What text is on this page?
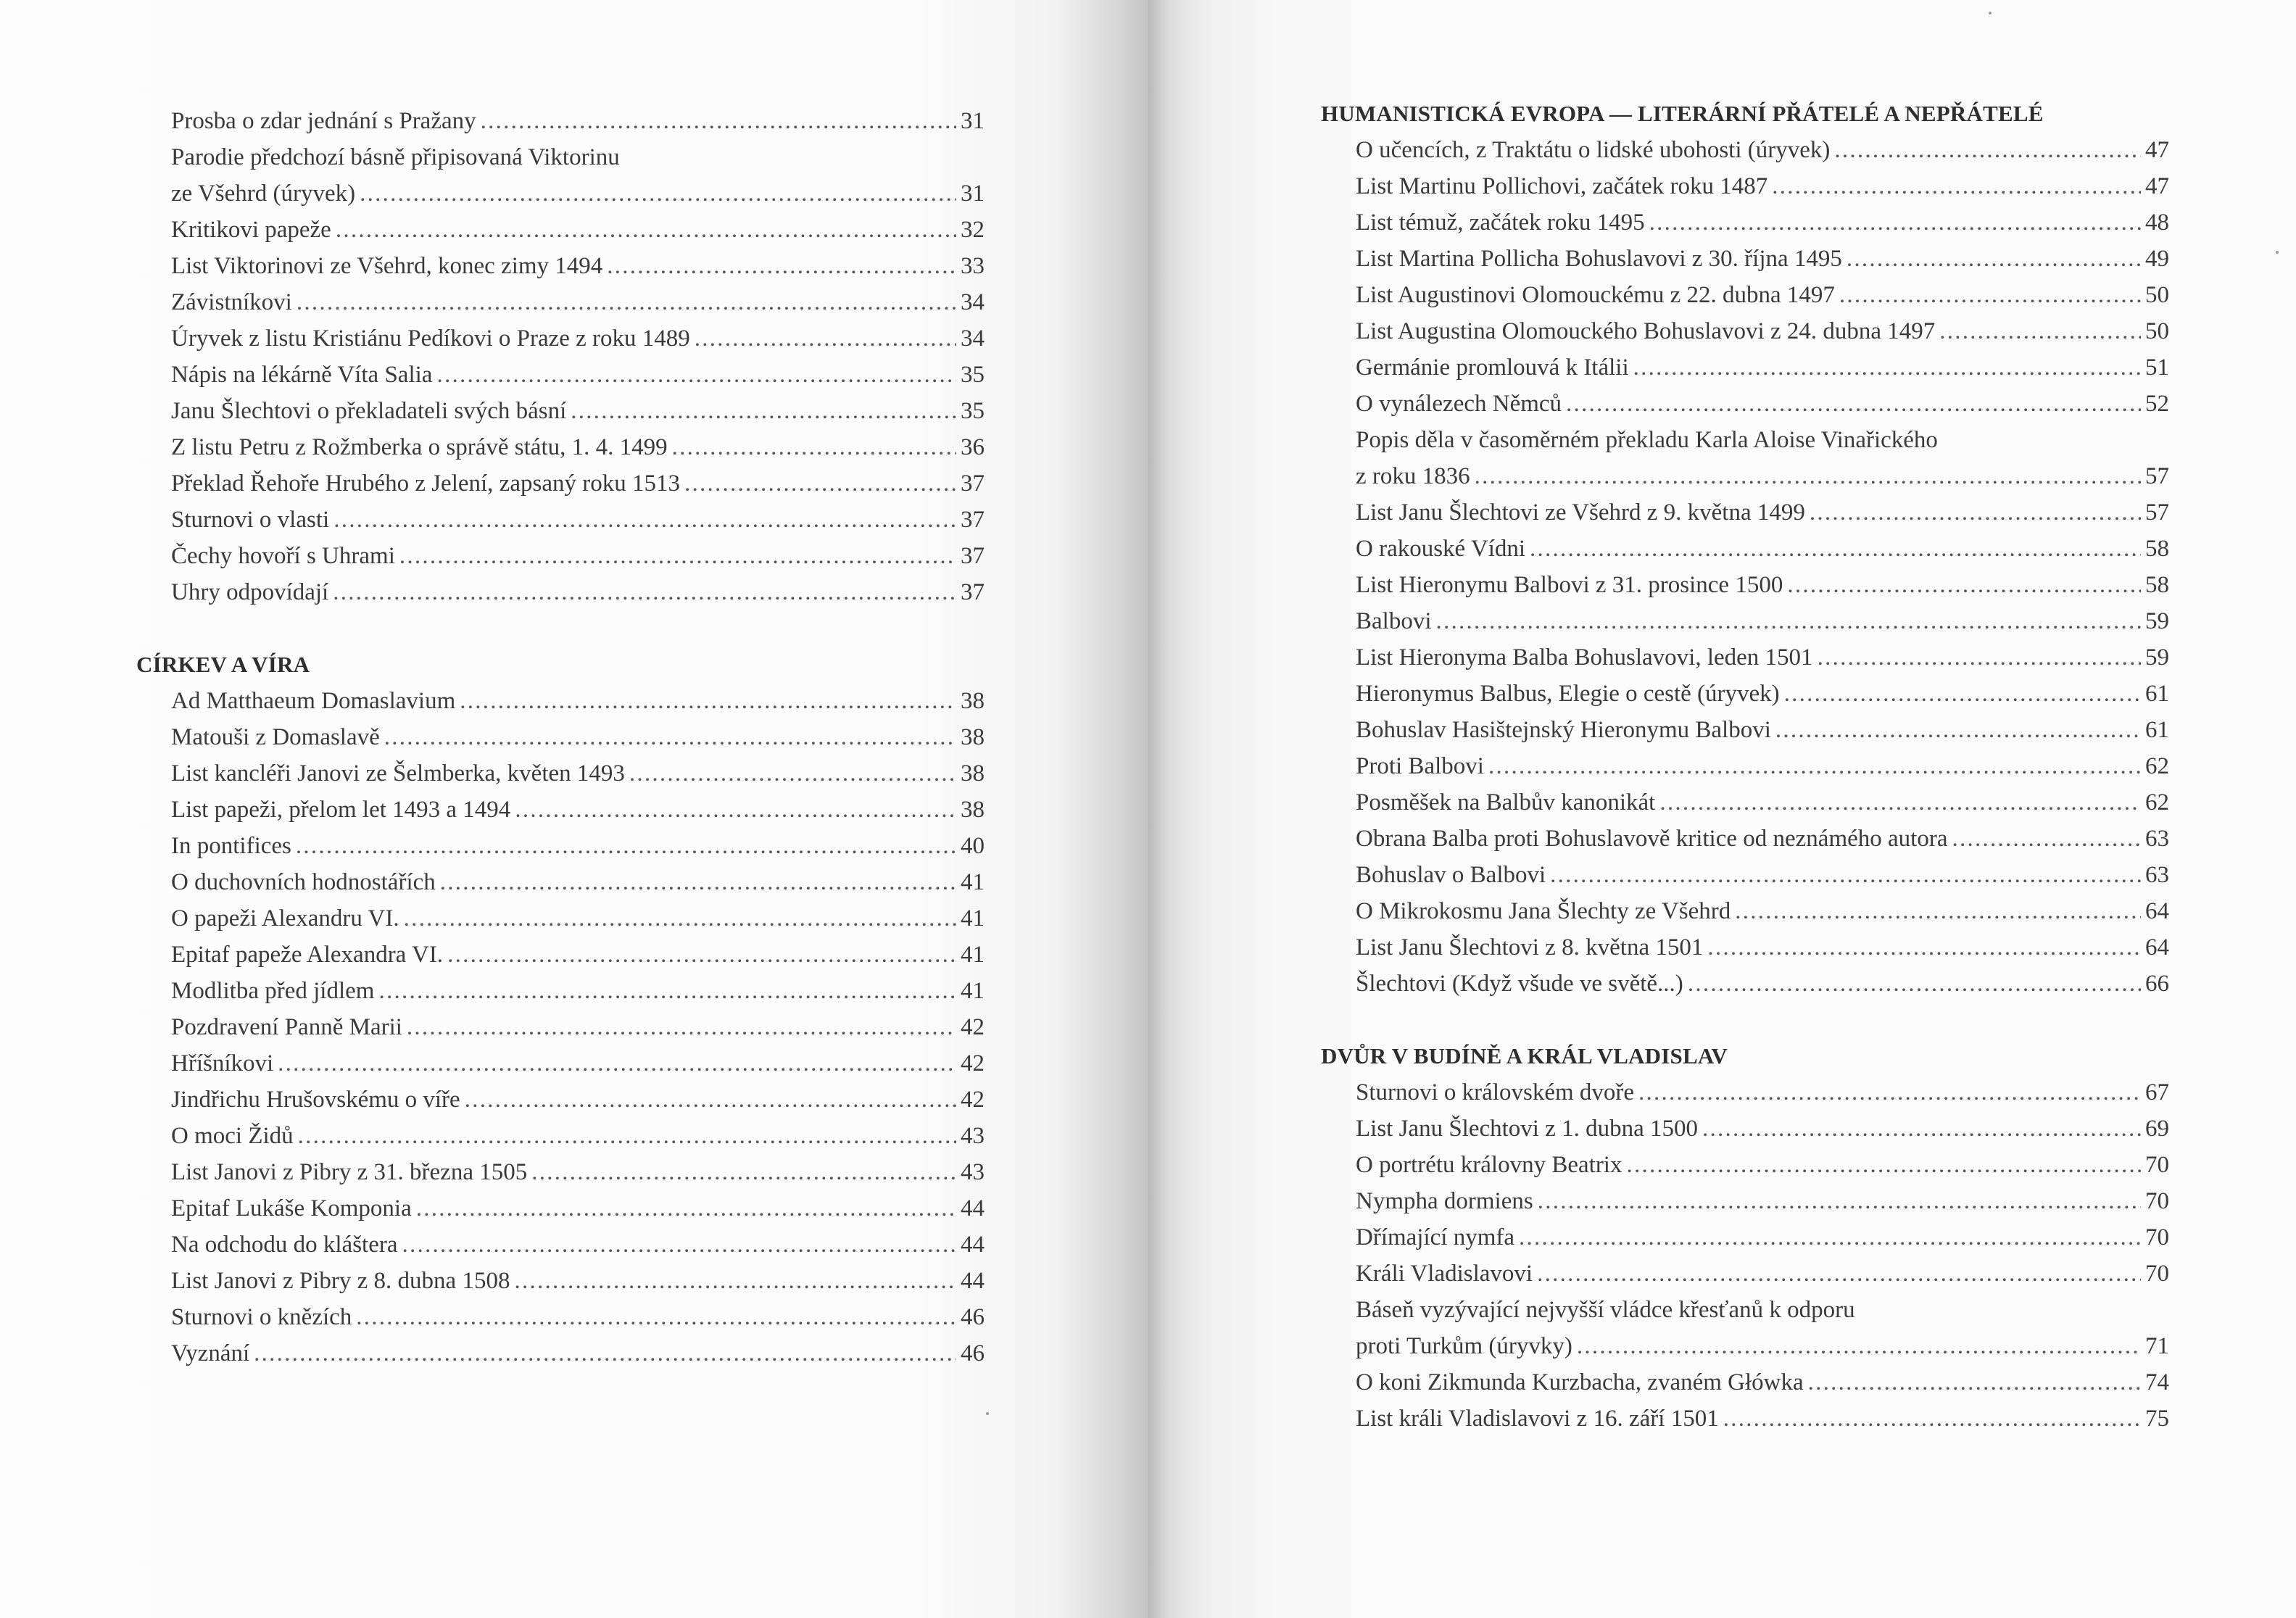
Prosba o zdar jednání s Pražany . . .	31
Parodie předchozí básně připisovaná Viktorinu
ze Všehrd (úryvek) . . .	31
Kritikovi papeže . . .	32
List Viktorinovi ze Všehrd, konec zimy 1494 . . .	33
Závistníkovi . . .	34
Úryvek z listu Kristiánu Pedíkovi o Praze z roku 1489 . . .	34
Nápis na lékárně Víta Salia . . .	35
Janu Šlechtovi o překladateli svých básní . . .	35
Z listu Petru z Rožmberka o správě státu, 1. 4. 1499 . . .	36
Překlad Řehoře Hrubého z Jelení, zapsaný roku 1513 . . .	37
Sturnovi o vlasti . . .	37
Čechy hovoří s Uhrami . . .	37
Uhry odpovídají . . .	37
CÍRKEV A VÍRA
Ad Matthaeum Domaslavium . . .	38
Matouši z Domaslavě . . .	38
List kancléři Janovi ze Šelmberka, květen 1493 . . .	38
List papeži, přelom let 1493 a 1494 . . .	38
In pontifices . . .	40
O duchovních hodnostářích . . .	41
O papeži Alexandru VI. . . .	41
Epitaf papeže Alexandra VI. . . .	41
Modlitba před jídlem . . .	41
Pozdravení Panně Marii . . .	42
Hříšníkovi . . .	42
Jindřichu Hrušovskému o víře . . .	42
O moci Židů . . .	43
List Janovi z Pibry z 31. března 1505 . . .	43
Epitaf Lukáše Komponia . . .	44
Na odchodu do kláštera . . .	44
List Janovi z Pibry z 8. dubna 1508 . . .	44
Sturnovi o knězích . . .	46
Vyznání . . .	46
HUMANISTICKÁ EVROPA — LITERÁRNÍ PŘÁTELÉ A NEPŘÁTELÉ
O učencích, z Traktátu o lidské ubohosti (úryvek) . . .	47
List Martinu Pollichovi, začátek roku 1487 . . .	47
List témuž, začátek roku 1495 . . .	48
List Martina Pollicha Bohuslavovi z 30. října 1495 . . .	49
List Augustinovi Olomouckému z 22. dubna 1497 . . .	50
List Augustina Olomouckého Bohuslavovi z 24. dubna 1497 . . .	50
Germánie promlouvá k Itálii . . .	51
O vynálezech Němců . . .	52
Popis děla v časoměrném překladu Karla Aloise Vinařického
z roku 1836 . . .	57
List Janu Šlechtovi ze Všehrd z 9. května 1499 . . .	57
O rakouské Vídni . . .	58
List Hieronymu Balbovi z 31. prosince 1500 . . .	58
Balbovi . . .	59
List Hieronyma Balba Bohuslavovi, leden 1501 . . .	59
Hieronymus Balbus, Elegie o cestě (úryvek) . . .	61
Bohuslav Hasištejnský Hieronymu Balbovi . . .	61
Proti Balbovi . . .	62
Posměšek na Balbův kanonikát . . .	62
Obrana Balba proti Bohuslavově kritice od neznámého autora . . .	63
Bohuslav o Balbovi . . .	63
O Mikrokosmu Jana Šlechty ze Všehrd . . .	64
List Janu Šlechtovi z 8. května 1501 . . .	64
Šlechtovi (Když všude ve světě...) . . .	66
DVŮR V BUDÍNĚ A KRÁL VLADISLAV
Sturnovi o královském dvoře . . .	67
List Janu Šlechtovi z 1. dubna 1500 . . .	69
O portrétu královny Beatrix . . .	70
Nympha dormiens . . .	70
Dřímající nymfa . . .	70
Králi Vladislavovi . . .	70
Báseň vyzývající nejvyšší vládce křesťanů k odporu
proti Turkům (úryvky) . . .	71
O koni Zikmunda Kurzbacha, zvaném Główka . . .	74
List králi Vladislavovi z 16. září 1501 . . .	75
